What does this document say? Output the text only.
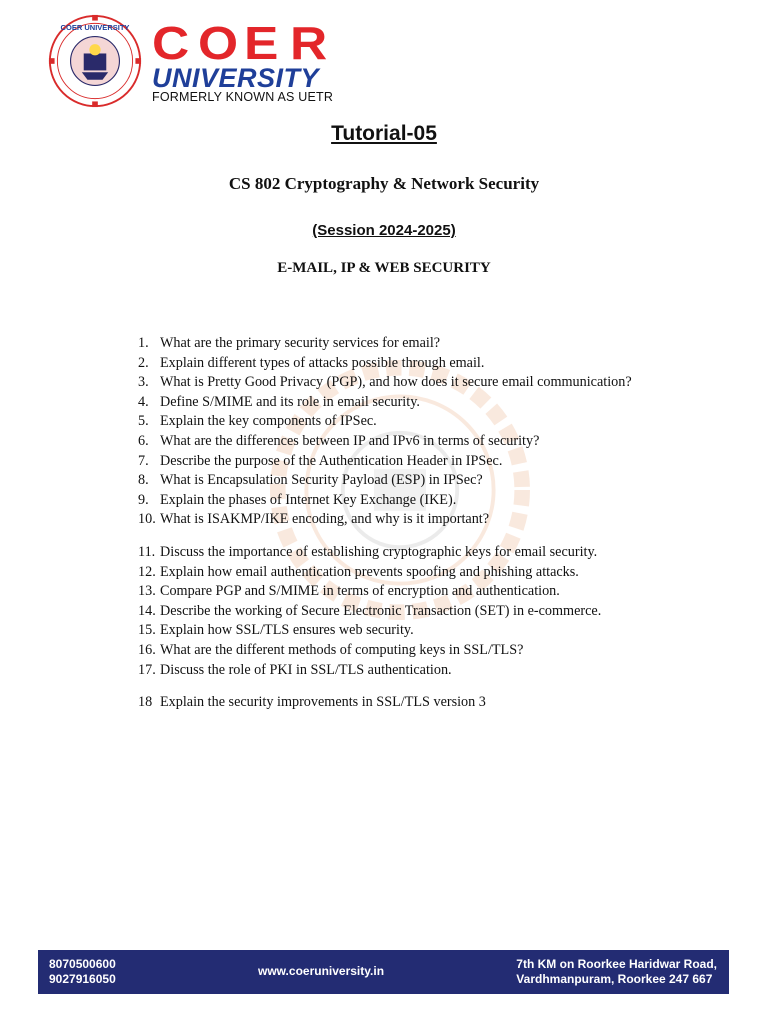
COER UNIVERSITY C O E R
UNIVERSITY
FORMERLY KNOWN AS UETR
Tutorial-05
CS 802 Cryptography & Network Security
(Session 2024-2025)
E-MAIL, IP & WEB SECURITY
1. What are the primary security services for email?
2. Explain different types of attacks possible through email.
3. What is Pretty Good Privacy (PGP), and how does it secure email communication?
4. Define S/MIME and its role in email security.
5. Explain the key components of IPSec.
6. What are the differences between IP and IPv6 in terms of security?
7. Describe the purpose of the Authentication Header in IPSec.
8. What is Encapsulation Security Payload (ESP) in IPSec?
9. Explain the phases of Internet Key Exchange (IKE).
10. What is ISAKMP/IKE encoding, and why is it important?
11. Discuss the importance of establishing cryptographic keys for email security.
12. Explain how email authentication prevents spoofing and phishing attacks.
13. Compare PGP and S/MIME in terms of encryption and authentication.
14. Describe the working of Secure Electronic Transaction (SET) in e-commerce.
15. Explain how SSL/TLS ensures web security.
16. What are the different methods of computing keys in SSL/TLS?
17. Discuss the role of PKI in SSL/TLS authentication.
18 Explain the security improvements in SSL/TLS version 3
8070500600
9027916050
www.coeruniversity.in	7th KM on Roorkee Haridwar Road,
Vardhmanpuram, Roorkee 247 667
